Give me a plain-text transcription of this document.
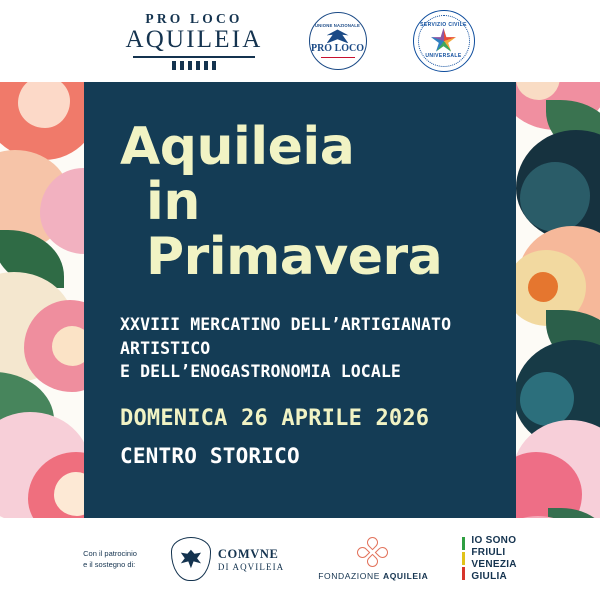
PRO LOCO
AQUILEIA
UNIONE NAZIONALE
PRO LOCO
SERVIZIO CIVILE
UNIVERSALE
Aquileia
in Primavera
XXVIII MERCATINO DELL’ARTIGIANATO ARTISTICO
E DELL’ENOGASTRONOMIA LOCALE
DOMENICA 26 APRILE 2026
CENTRO STORICO
Con il patrocinio
e il sostegno di:
COMVNE
DI AQVILEIA
FONDAZIONE AQUILEIA
IO SONO
FRIULI
VENEZIA
GIULIA
